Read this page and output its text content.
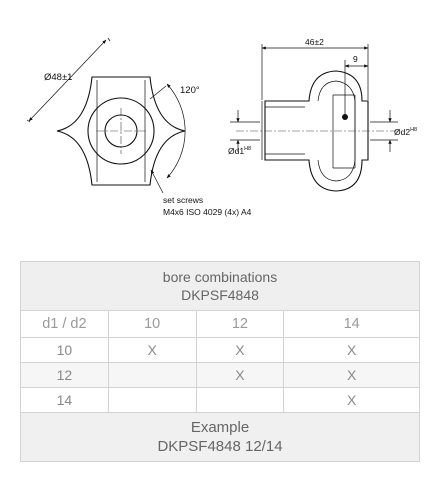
Ø48±1
120°
set screws
M4x6 ISO 4029 (4x) A4
46±2
9
$Ød1^{H8}$
$Ød2^{H8}$
bore combinations
DKPSF4848			

d1 / d2	10	12	14
10	X	X	X
12		X	X
14			X

Example
DKPSF4848 12/14			
